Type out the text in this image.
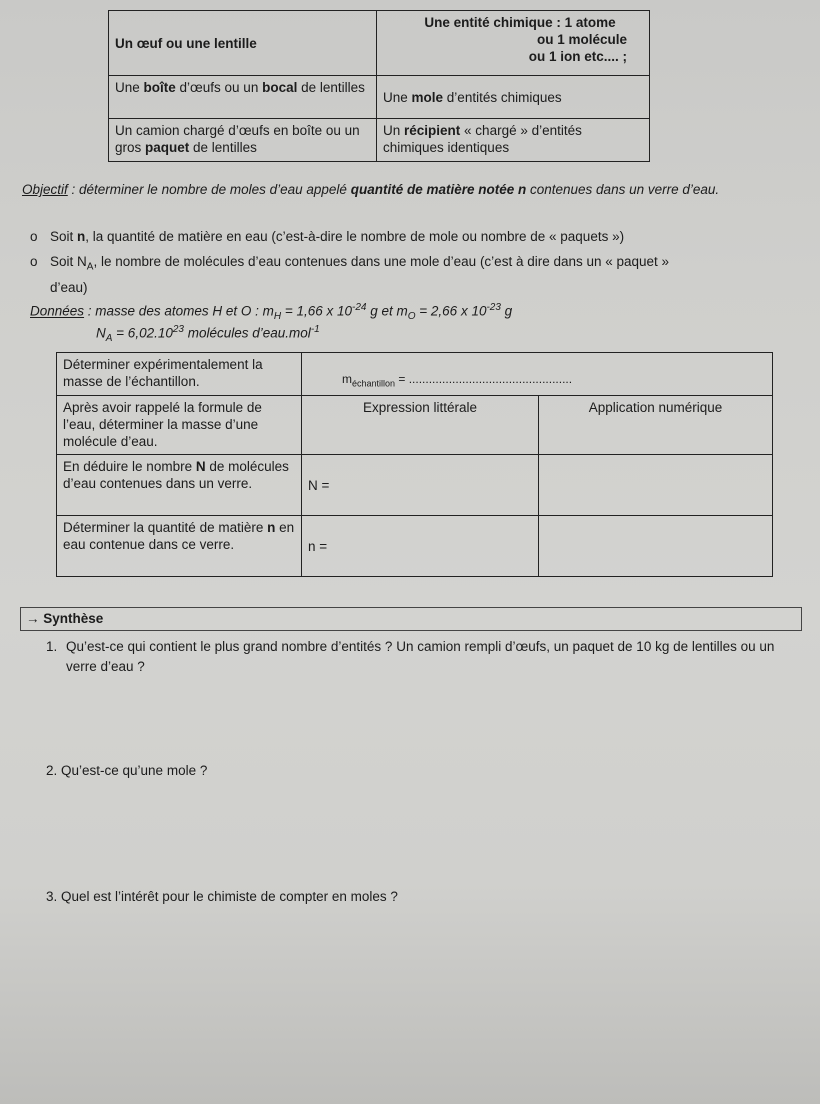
Un œuf ou une lentille	Une entité chimique : 1 atome
ou 1 molécule
ou 1 ion etc.... ;

Une boîte d’œufs ou un bocal de lentilles	Une mole d’entités chimiques
Un camion chargé d’œufs en boîte ou un gros paquet de lentilles	Un récipient « chargé » d’entités chimiques identiques
Objectif : déterminer le nombre de moles d’eau appelé quantité de matière notée n contenues dans un verre d’eau.
o Soit n, la quantité de matière en eau (c’est-à-dire le nombre de mole ou nombre de « paquets »)
o Soit $N_A$, le nombre de molécules d’eau contenues dans une mole d’eau (c’est à dire dans un « paquet »
d’eau)
Données : masse des atomes H et O : $m_H = 1,66$ x $10^{-24}$ g et $m_O = 2,66$ x $10^{-23}$ g
$N_A = 6,02.10^{23}$ molécules d’eau.mol$^{-1}$
Déterminer expérimentalement la masse de l’échantillon.	$m_{échantillon}$ = .................................................	
Après avoir rappelé la formule de l’eau, déterminer la masse d’une molécule d’eau.	Expression littérale	Application numérique
En déduire le nombre N de molécules d’eau contenues dans un verre.	N =	
Déterminer la quantité de matière n en eau contenue dans ce verre.	n =	
→ Synthèse
1. Qu’est-ce qui contient le plus grand nombre d’entités ? Un camion rempli d’œufs, un paquet de 10 kg de lentilles ou un verre d’eau ?
2. Qu’est-ce qu’une mole ?
3. Quel est l’intérêt pour le chimiste de compter en moles ?
